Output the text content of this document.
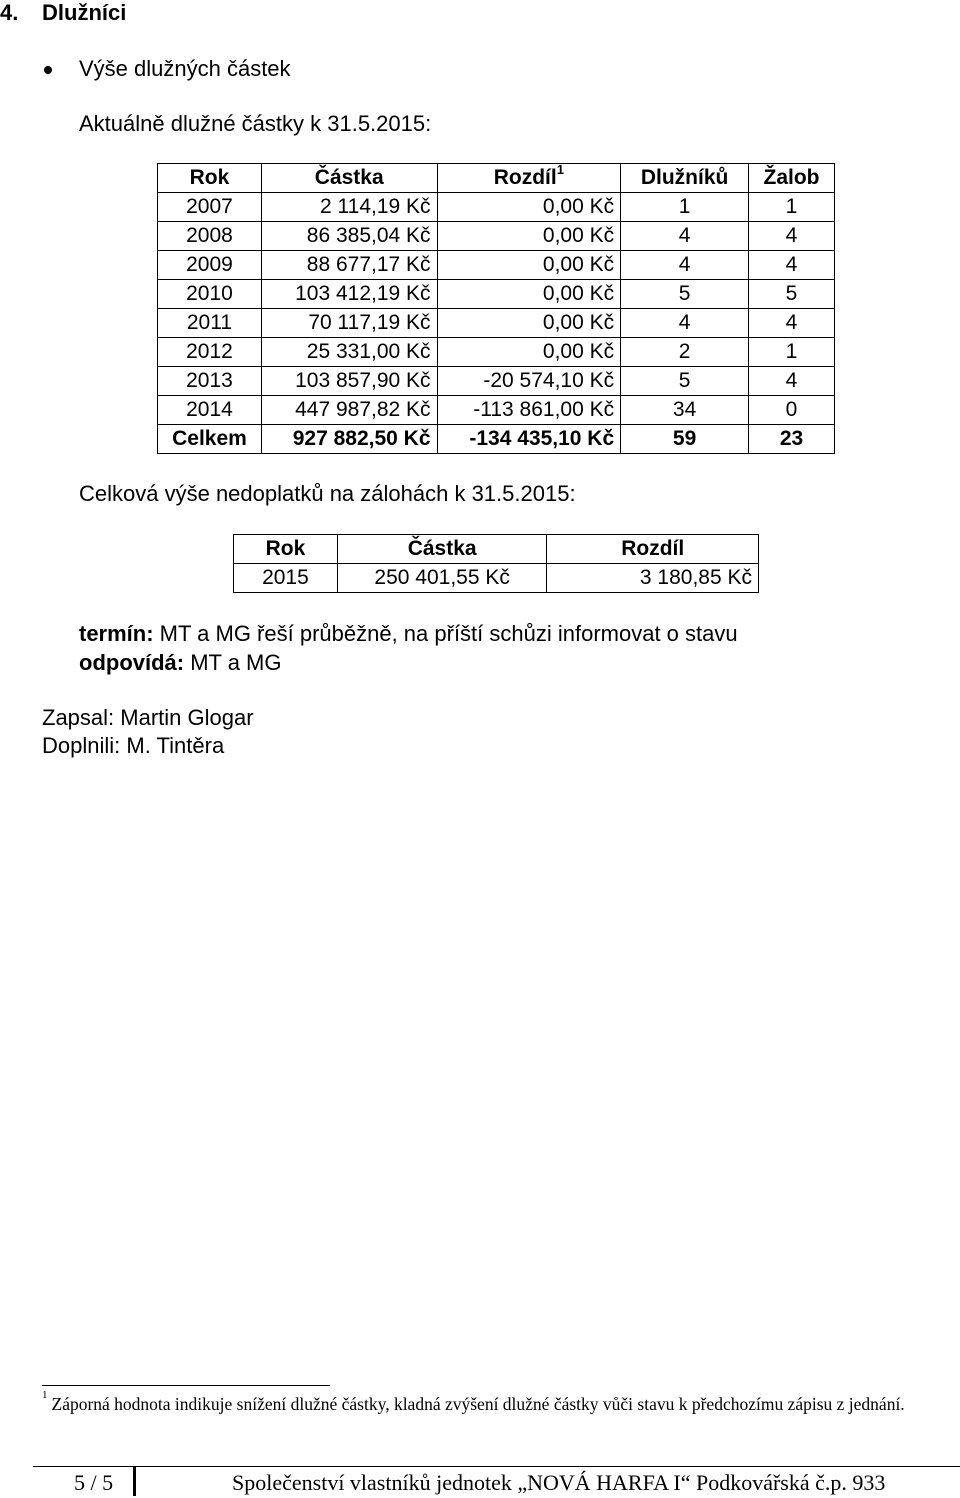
4. Dlužníci
Výše dlužných částek
Aktuálně dlužné částky k 31.5.2015:
Rok	Částka	Rozdíl$^1$	Dlužníků	Žalob
2007	2 114,19 Kč	0,00 Kč	1	1
2008	86 385,04 Kč	0,00 Kč	4	4
2009	88 677,17 Kč	0,00 Kč	4	4
2010	103 412,19 Kč	0,00 Kč	5	5
2011	70 117,19 Kč	0,00 Kč	4	4
2012	25 331,00 Kč	0,00 Kč	2	1
2013	103 857,90 Kč	-20 574,10 Kč	5	4
2014	447 987,82 Kč	-113 861,00 Kč	34	0
Celkem	927 882,50 Kč	-134 435,10 Kč	59	23
Celková výše nedoplatků na zálohách k 31.5.2015:
Rok	Částka	Rozdíl
2015	250 401,55 Kč	3 180,85 Kč
termín: MT a MG řeší průběžně, na příští schůzi informovat o stavu
odpovídá: MT a MG
Zapsal: Martin Glogar
Doplnili: M. Tintěra
$^1$ Záporná hodnota indikuje snížení dlužné částky, kladná zvýšení dlužné částky vůči stavu k předchozímu zápisu z jednání.
5 / 5	Společenství vlastníků jednotek „NOVÁ HARFA I“ Podkovářská č.p. 933
